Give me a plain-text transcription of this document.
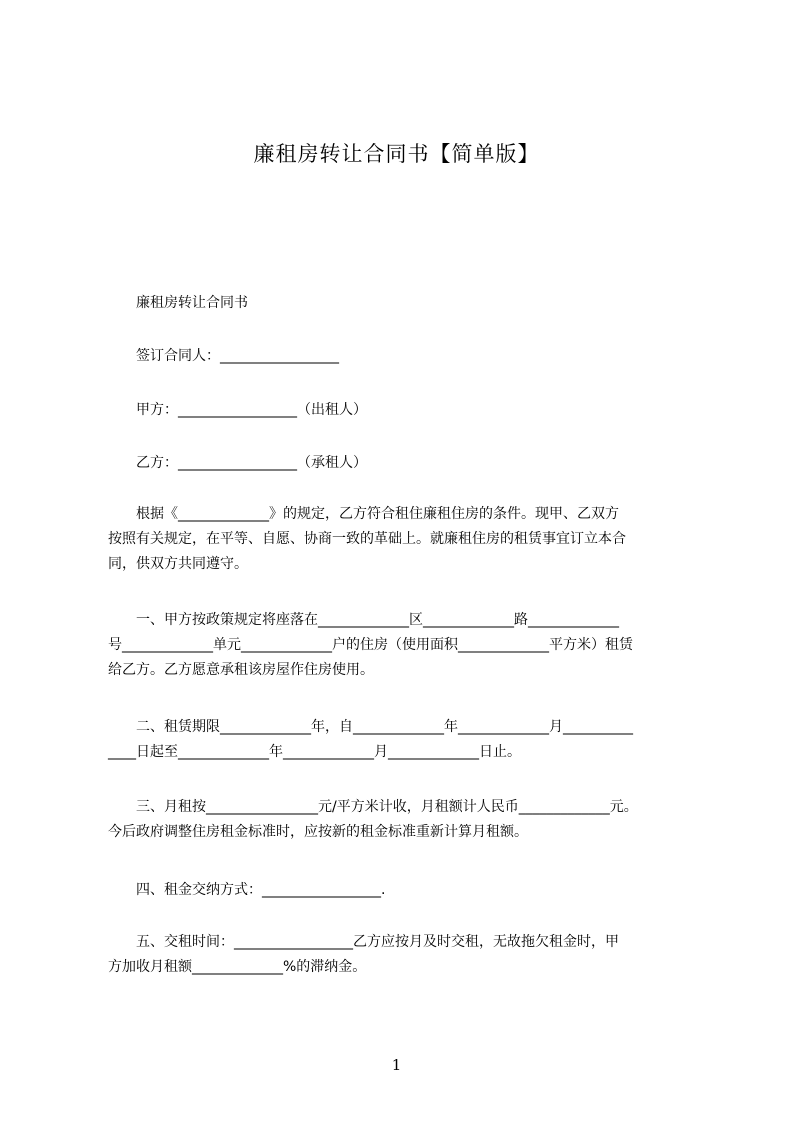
廉租房转让合同书【简单版】
廉租房转让合同书
签订合同人：_________________
甲方：_________________（出租人）
乙方：_________________（承租人）
根据《_____________》的规定，乙方符合租住廉租住房的条件。现甲、乙双方
按照有关规定，在平等、自愿、协商一致的革础上。就廉租住房的租赁事宜订立本合
同，供双方共同遵守。
一、甲方按政策规定将座落在_____________区_____________路_____________
号_____________单元_____________户的住房（使用面积_____________平方米）租赁
给乙方。乙方愿意承租该房屋作住房使用。
二、租赁期限_____________年，自_____________年_____________月__________
____日起至_____________年_____________月_____________日止。
三、月租按________________元/平方米计收，月租额计人民币_____________元。
今后政府调整住房租金标准时，应按新的租金标准重新计算月租额。
四、租金交纳方式：_________________.
五、交租时间：_________________乙方应按月及时交租，无故拖欠租金时，甲
方加收月租额_____________%的滞纳金。
1
